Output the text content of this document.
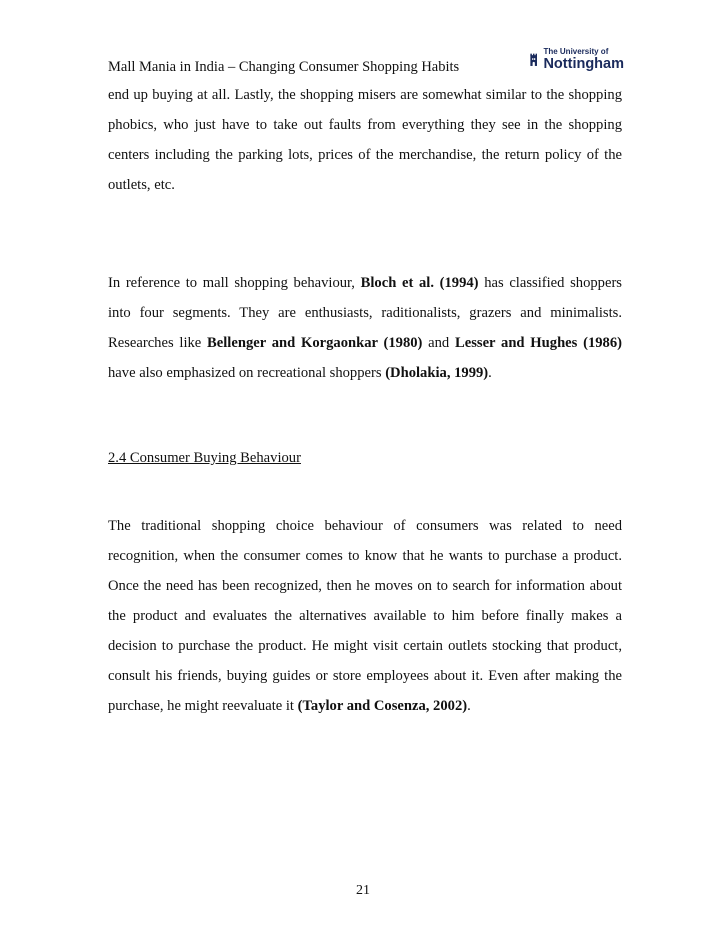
Mall Mania in India – Changing Consumer Shopping Habits
The University of
Nottingham

end up buying at all. Lastly, the shopping misers are somewhat similar to the shopping phobics, who just have to take out faults from everything they see in the shopping centers including the parking lots, prices of the merchandise, the return policy of the outlets, etc.

In reference to mall shopping behaviour, Bloch et al. (1994) has classified shoppers into four segments. They are enthusiasts, raditionalists, grazers and minimalists. Researches like Bellenger and Korgaonkar (1980) and Lesser and Hughes (1986) have also emphasized on recreational shoppers (Dholakia, 1999).

2.4 Consumer Buying Behaviour

The traditional shopping choice behaviour of consumers was related to need recognition, when the consumer comes to know that he wants to purchase a product. Once the need has been recognized, then he moves on to search for information about the product and evaluates the alternatives available to him before finally makes a decision to purchase the product. He might visit certain outlets stocking that product, consult his friends, buying guides or store employees about it. Even after making the purchase, he might reevaluate it (Taylor and Cosenza, 2002).

21
